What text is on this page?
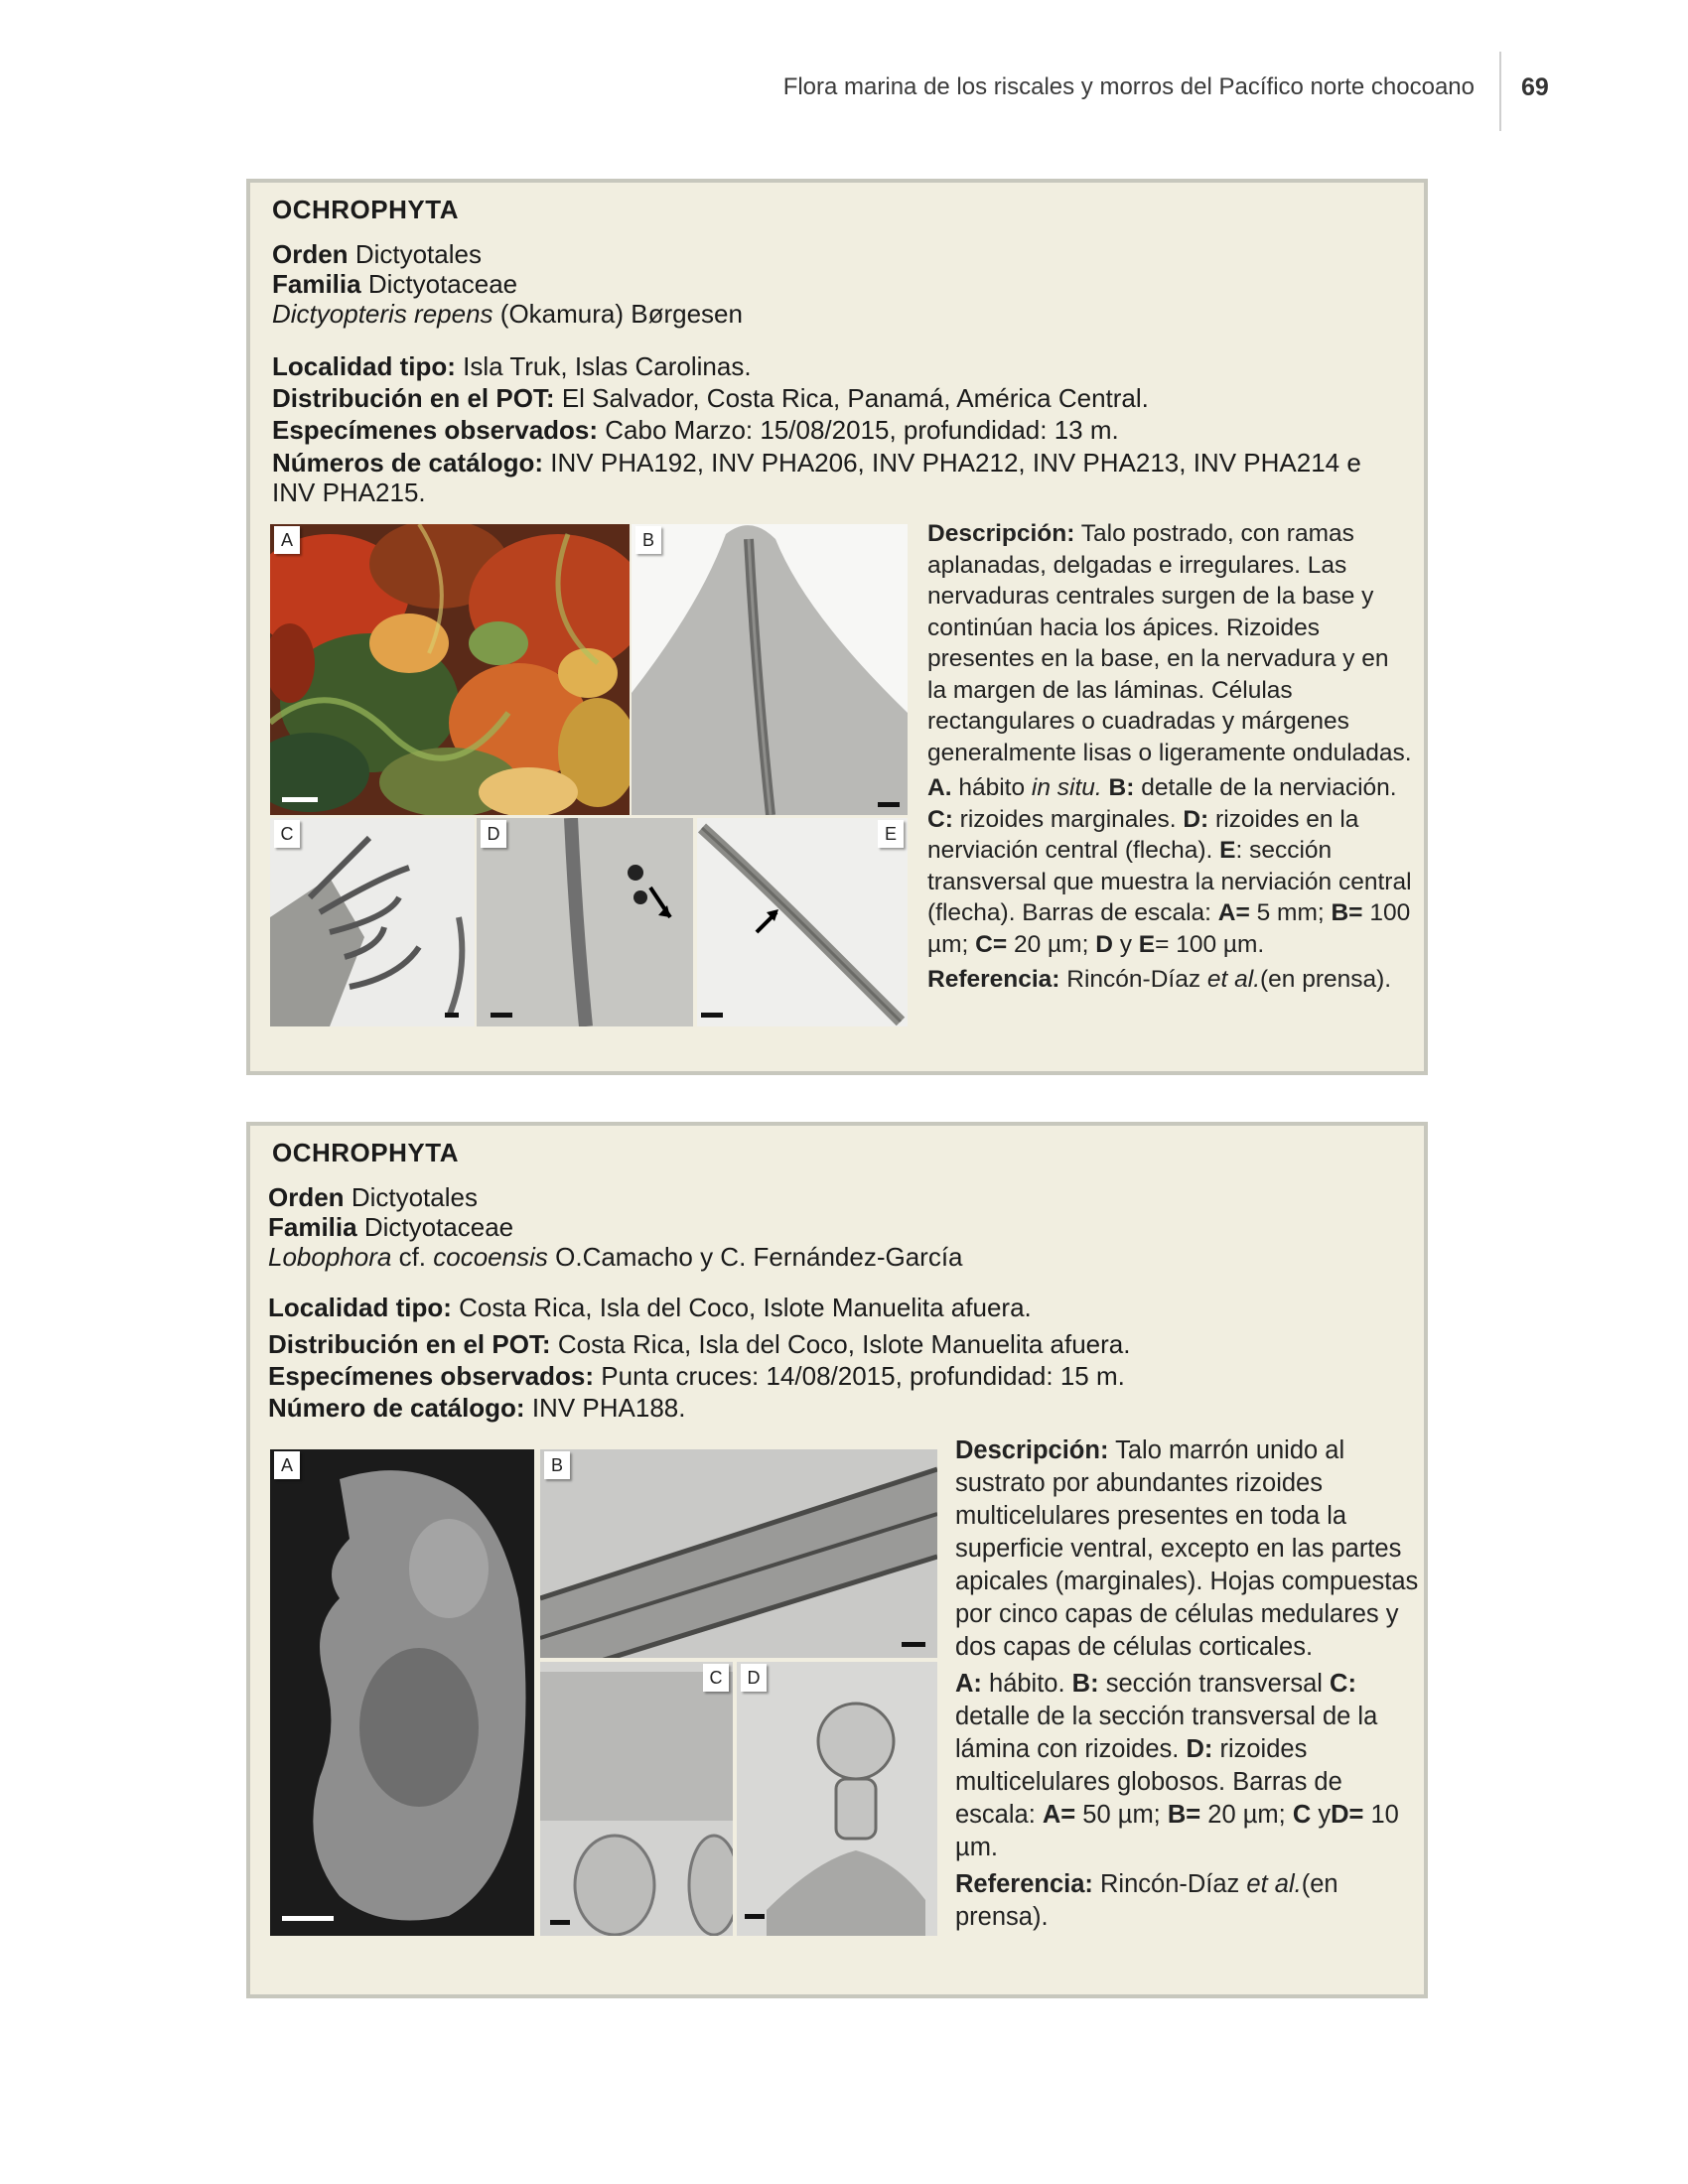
Flora marina de los riscales y morros del Pacífico norte chocoano 69
OCHROPHYTA
Orden Dictyotales
Familia Dictyotaceae
Dictyopteris repens (Okamura) Børgesen
Localidad tipo: Isla Truk, Islas Carolinas.
Distribución en el POT: El Salvador, Costa Rica, Panamá, América Central.
Especímenes observados: Cabo Marzo: 15/08/2015, profundidad: 13 m.
Números de catálogo: INV PHA192, INV PHA206, INV PHA212, INV PHA213, INV PHA214 e
INV PHA215.
A	B
C	D	E

Descripción: Talo postrado, con ramas aplanadas, delgadas e irregulares. Las nervaduras centrales surgen de la base y continúan hacia los ápices. Rizoides presentes en la base, en la nervadura y en la margen de las láminas. Células rectangulares o cuadradas y márgenes generalmente lisas o ligeramente onduladas.

A. hábito in situ. B: detalle de la nerviación. C: rizoides marginales. D: rizoides en la nerviación central (flecha). E: sección transversal que muestra la nerviación central (flecha). Barras de escala: A= 5 mm; B= 100 µm; C= 20 µm; D y E= 100 µm.

Referencia: Rincón-Díaz et al.(en prensa).

OCHROPHYTA
Orden Dictyotales
Familia Dictyotaceae
Lobophora cf. cocoensis O.Camacho y C. Fernández-García
Localidad tipo: Costa Rica, Isla del Coco, Islote Manuelita afuera.
Distribución en el POT: Costa Rica, Isla del Coco, Islote Manuelita afuera.
Especímenes observados: Punta cruces: 14/08/2015, profundidad: 15 m.
Número de catálogo: INV PHA188.
A	B
C	D

Descripción: Talo marrón unido al sustrato por abundantes rizoides multicelulares presentes en toda la superficie ventral, excepto en las partes apicales (marginales). Hojas compuestas por cinco capas de células medulares y dos capas de células corticales.

A: hábito. B: sección transversal C: detalle de la sección transversal de la lámina con rizoides. D: rizoides multicelulares globosos. Barras de escala: A= 50 µm; B= 20 µm; C yD= 10 µm.

Referencia: Rincón-Díaz et al.(en prensa).
